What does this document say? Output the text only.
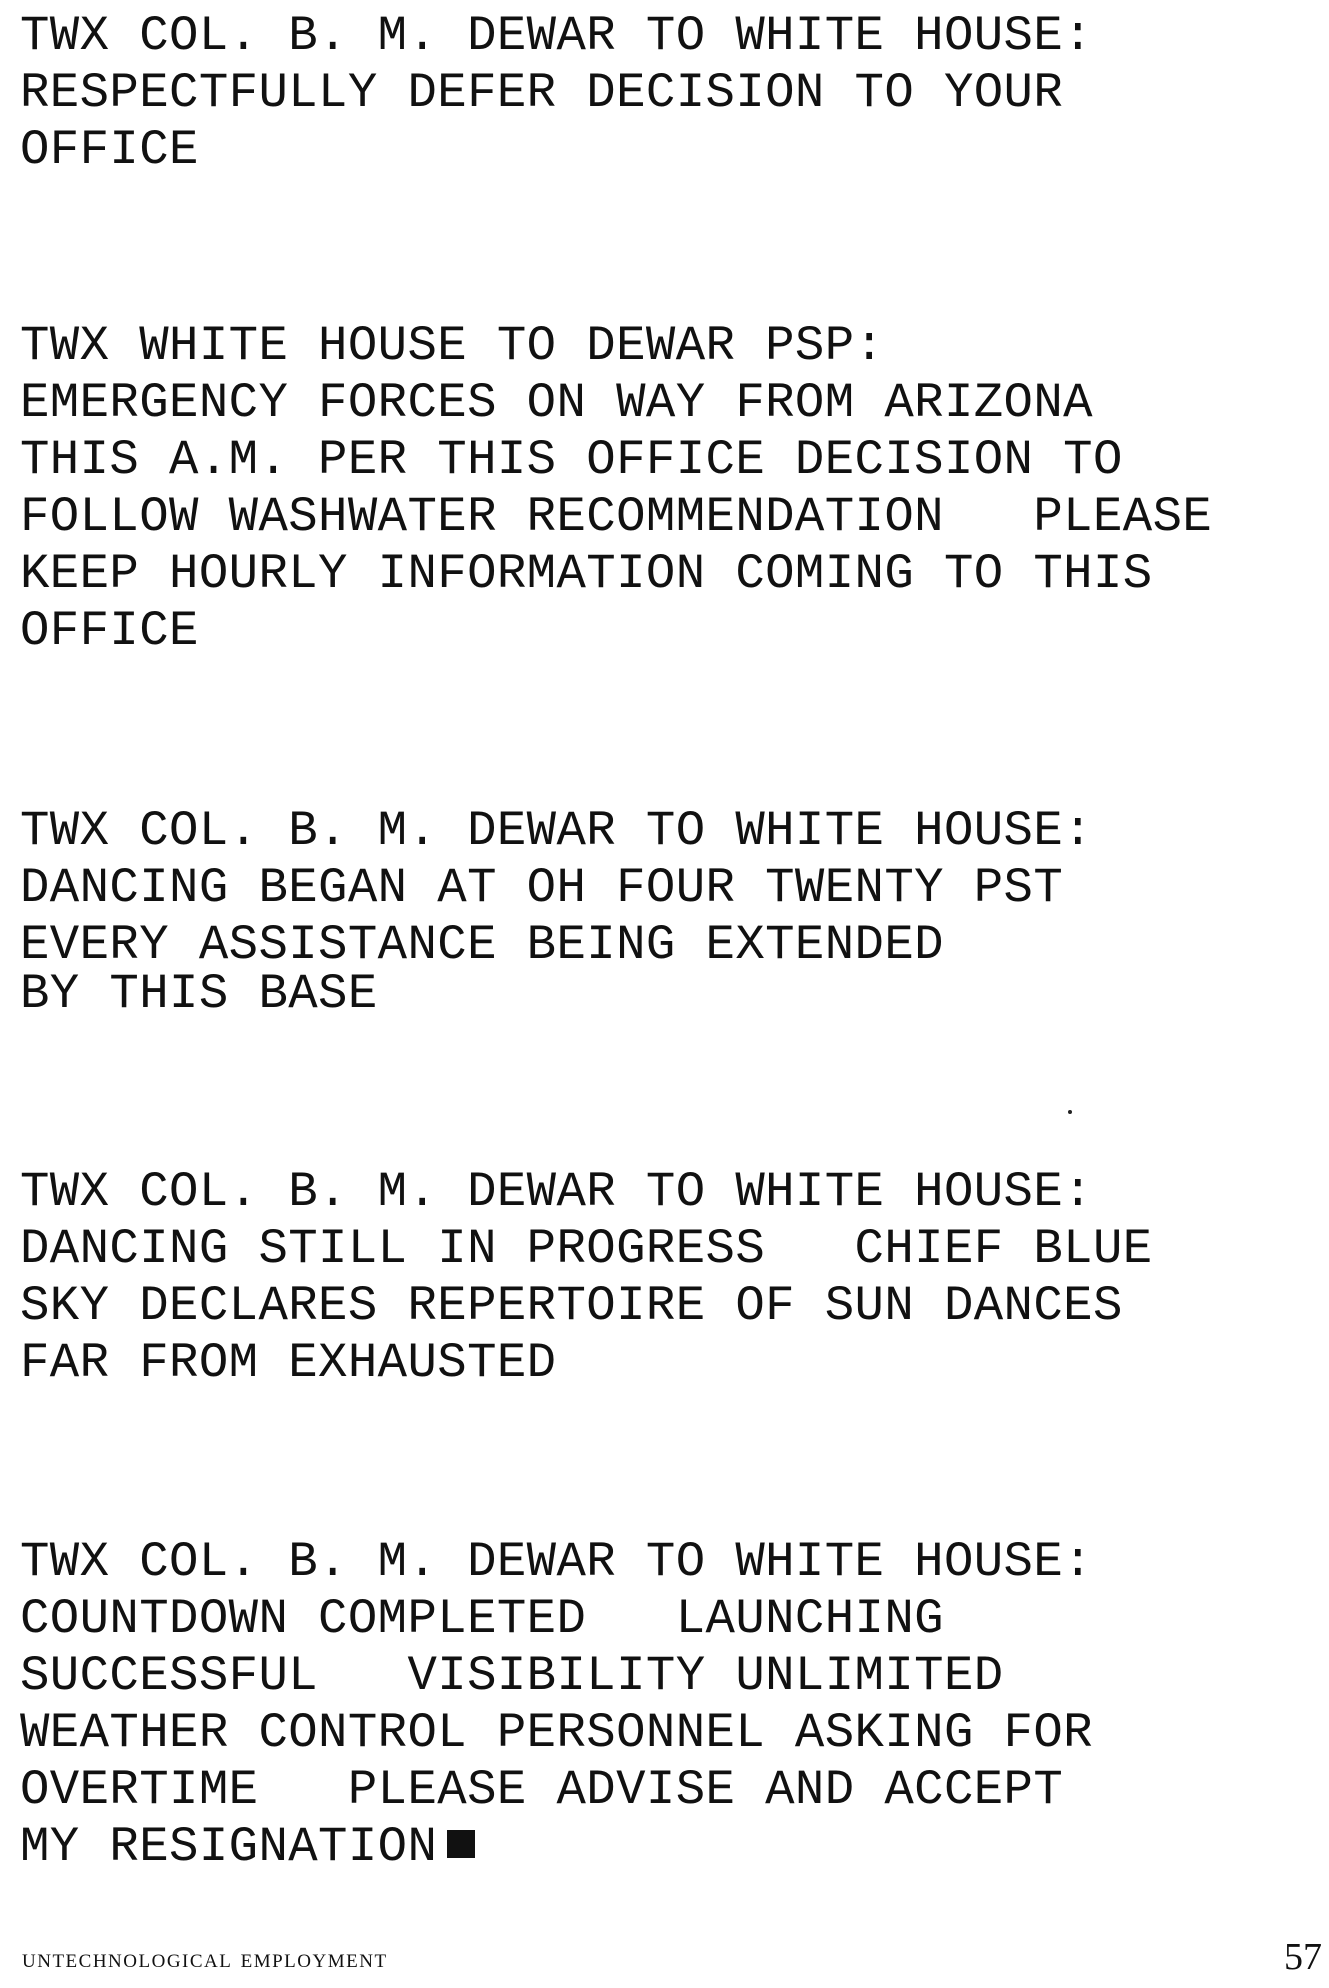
TWX COL. B. M. DEWAR TO WHITE HOUSE:
RESPECTFULLY DEFER DECISION TO YOUR
OFFICE
TWX WHITE HOUSE TO DEWAR PSP:
EMERGENCY FORCES ON WAY FROM ARIZONA
THIS A.M. PER THIS OFFICE DECISION TO
FOLLOW WASHWATER RECOMMENDATION   PLEASE
KEEP HOURLY INFORMATION COMING TO THIS
OFFICE
TWX COL. B. M. DEWAR TO WHITE HOUSE:
DANCING BEGAN AT OH FOUR TWENTY PST
EVERY ASSISTANCE BEING EXTENDED
BY THIS BASE
TWX COL. B. M. DEWAR TO WHITE HOUSE:
DANCING STILL IN PROGRESS   CHIEF BLUE
SKY DECLARES REPERTOIRE OF SUN DANCES
FAR FROM EXHAUSTED
TWX COL. B. M. DEWAR TO WHITE HOUSE:
COUNTDOWN COMPLETED   LAUNCHING
SUCCESSFUL   VISIBILITY UNLIMITED
WEATHER CONTROL PERSONNEL ASKING FOR
OVERTIME   PLEASE ADVISE AND ACCEPT
MY RESIGNATION
untechnological employment	57
